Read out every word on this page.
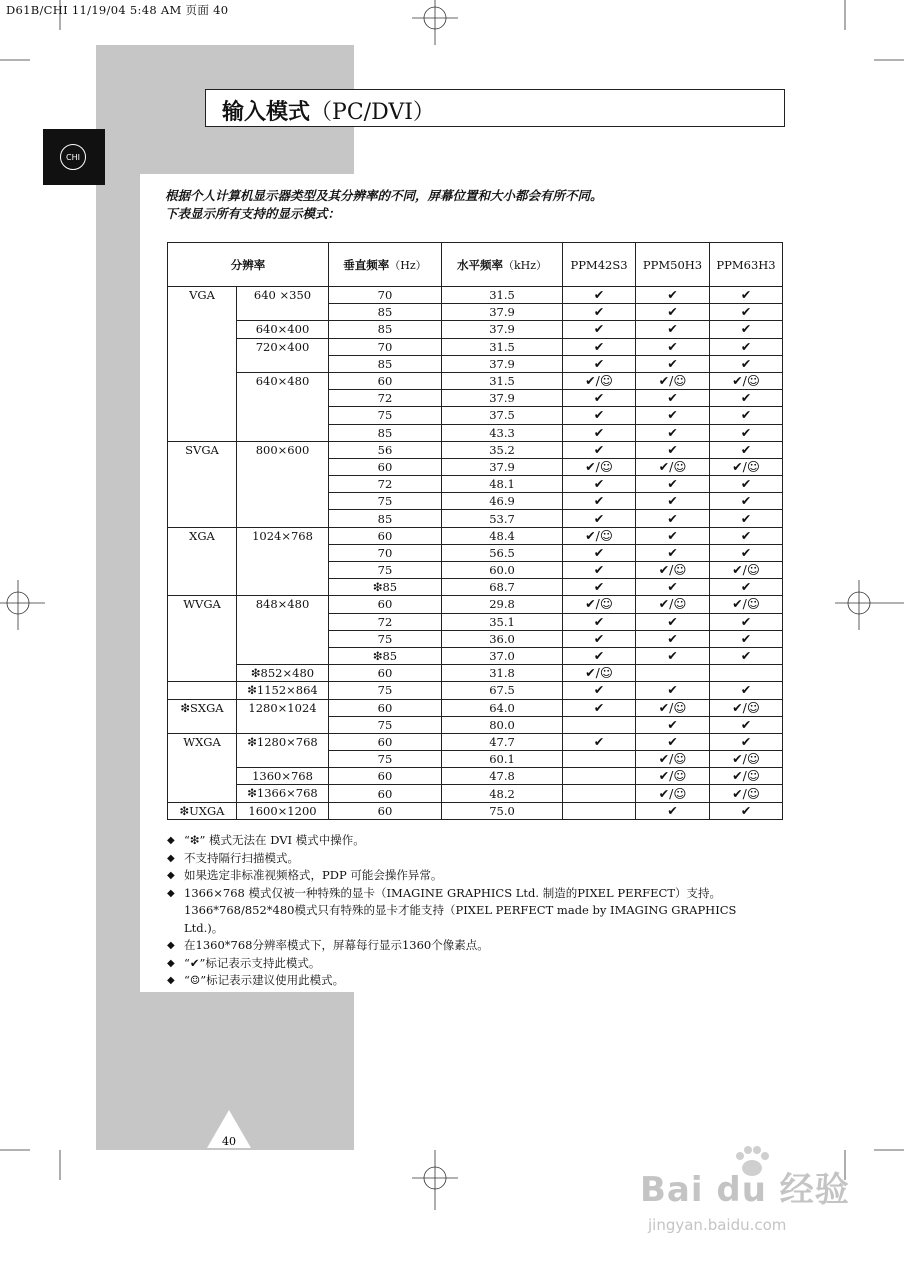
D61B/CHI 11/19/04 5:48 AM 页面 40
输入模式（PC/DVI）
CHI
根据个人计算机显示器类型及其分辨率的不同，屏幕位置和大小都会有所不同。
下表显示所有支持的显示模式：
分辨率		垂直频率（Hz）	水平频率（kHz）	PPM42S3	PPM50H3	PPM63H3
VGA	640 ×350	70	31.5	✔	✔	✔
		85	37.9	✔	✔	✔
	640×400	85	37.9	✔	✔	✔
	720×400	70	31.5	✔	✔	✔
		85	37.9	✔	✔	✔
	640×480	60	31.5	✔/☺	✔/☺	✔/☺
		72	37.9	✔	✔	✔
		75	37.5	✔	✔	✔
		85	43.3	✔	✔	✔
SVGA	800×600	56	35.2	✔	✔	✔
		60	37.9	✔/☺	✔/☺	✔/☺
		72	48.1	✔	✔	✔
		75	46.9	✔	✔	✔
		85	53.7	✔	✔	✔
XGA	1024×768	60	48.4	✔/☺	✔	✔
		70	56.5	✔	✔	✔
		75	60.0	✔	✔/☺	✔/☺
		❇85	68.7	✔	✔	✔
WVGA	848×480	60	29.8	✔/☺	✔/☺	✔/☺
		72	35.1	✔	✔	✔
		75	36.0	✔	✔	✔
		❇85	37.0	✔	✔	✔
	❇852×480	60	31.8	✔/☺		
	❇1152×864	75	67.5	✔	✔	✔
❇SXGA	1280×1024	60	64.0	✔	✔/☺	✔/☺
		75	80.0		✔	✔
WXGA	❇1280×768	60	47.7	✔	✔	✔
		75	60.1		✔/☺	✔/☺
	1360×768	60	47.8		✔/☺	✔/☺
	❇1366×768	60	48.2		✔/☺	✔/☺
❇UXGA	1600×1200	60	75.0		✔	✔
◆ “❇” 模式无法在 DVI 模式中操作。
◆ 不支持隔行扫描模式。
◆ 如果选定非标准视频格式，PDP 可能会操作异常。
◆ 1366×768 模式仅被一种特殊的显卡（IMAGINE GRAPHICS Ltd. 制造的PIXEL PERFECT）支持。
1366*768/852*480模式只有特殊的显卡才能支持（PIXEL PERFECT made by IMAGING GRAPHICS
Ltd.)。
◆ 在1360*768分辨率模式下，屏幕每行显示1360个像素点。
◆ “✔”标记表示支持此模式。
◆ “☺”标记表示建议使用此模式。
40
Bai du 经验
jingyan.baidu.com
